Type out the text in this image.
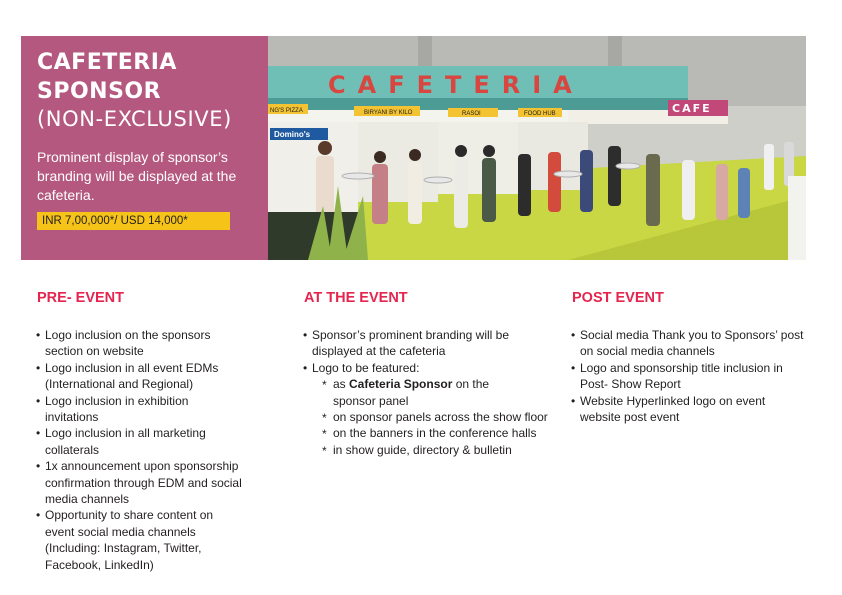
CAFETERIA
SPONSOR
(NON-EXCLUSIVE)
Prominent display of sponsor’s branding will be displayed at the cafeteria.
INR 7,00,000*/ USD 14,000*
CAFETERIA
CAFE
NG'S PIZZA	BIRYANI BY KILO
Domino's
RASOI	FOOD HUB
PRE- EVENT
• Logo inclusion on the sponsors section on website
• Logo inclusion in all event EDMs (International and Regional)
• Logo inclusion in exhibition invitations
• Logo inclusion in all marketing collaterals
• 1x announcement upon sponsorship confirmation through EDM and social media channels
• Opportunity to share content on event social media channels (Including: Instagram, Twitter, Facebook, LinkedIn)
AT THE EVENT
• Sponsor’s prominent branding will be displayed at the cafeteria
• Logo to be featured:
* as Cafeteria Sponsor on the sponsor panel
* on sponsor panels across the show floor
* on the banners in the conference halls
* in show guide, directory & bulletin
POST EVENT
• Social media Thank you to Sponsors’ post on social media channels
• Logo and sponsorship title inclusion in Post- Show Report
• Website Hyperlinked logo on event website post event
